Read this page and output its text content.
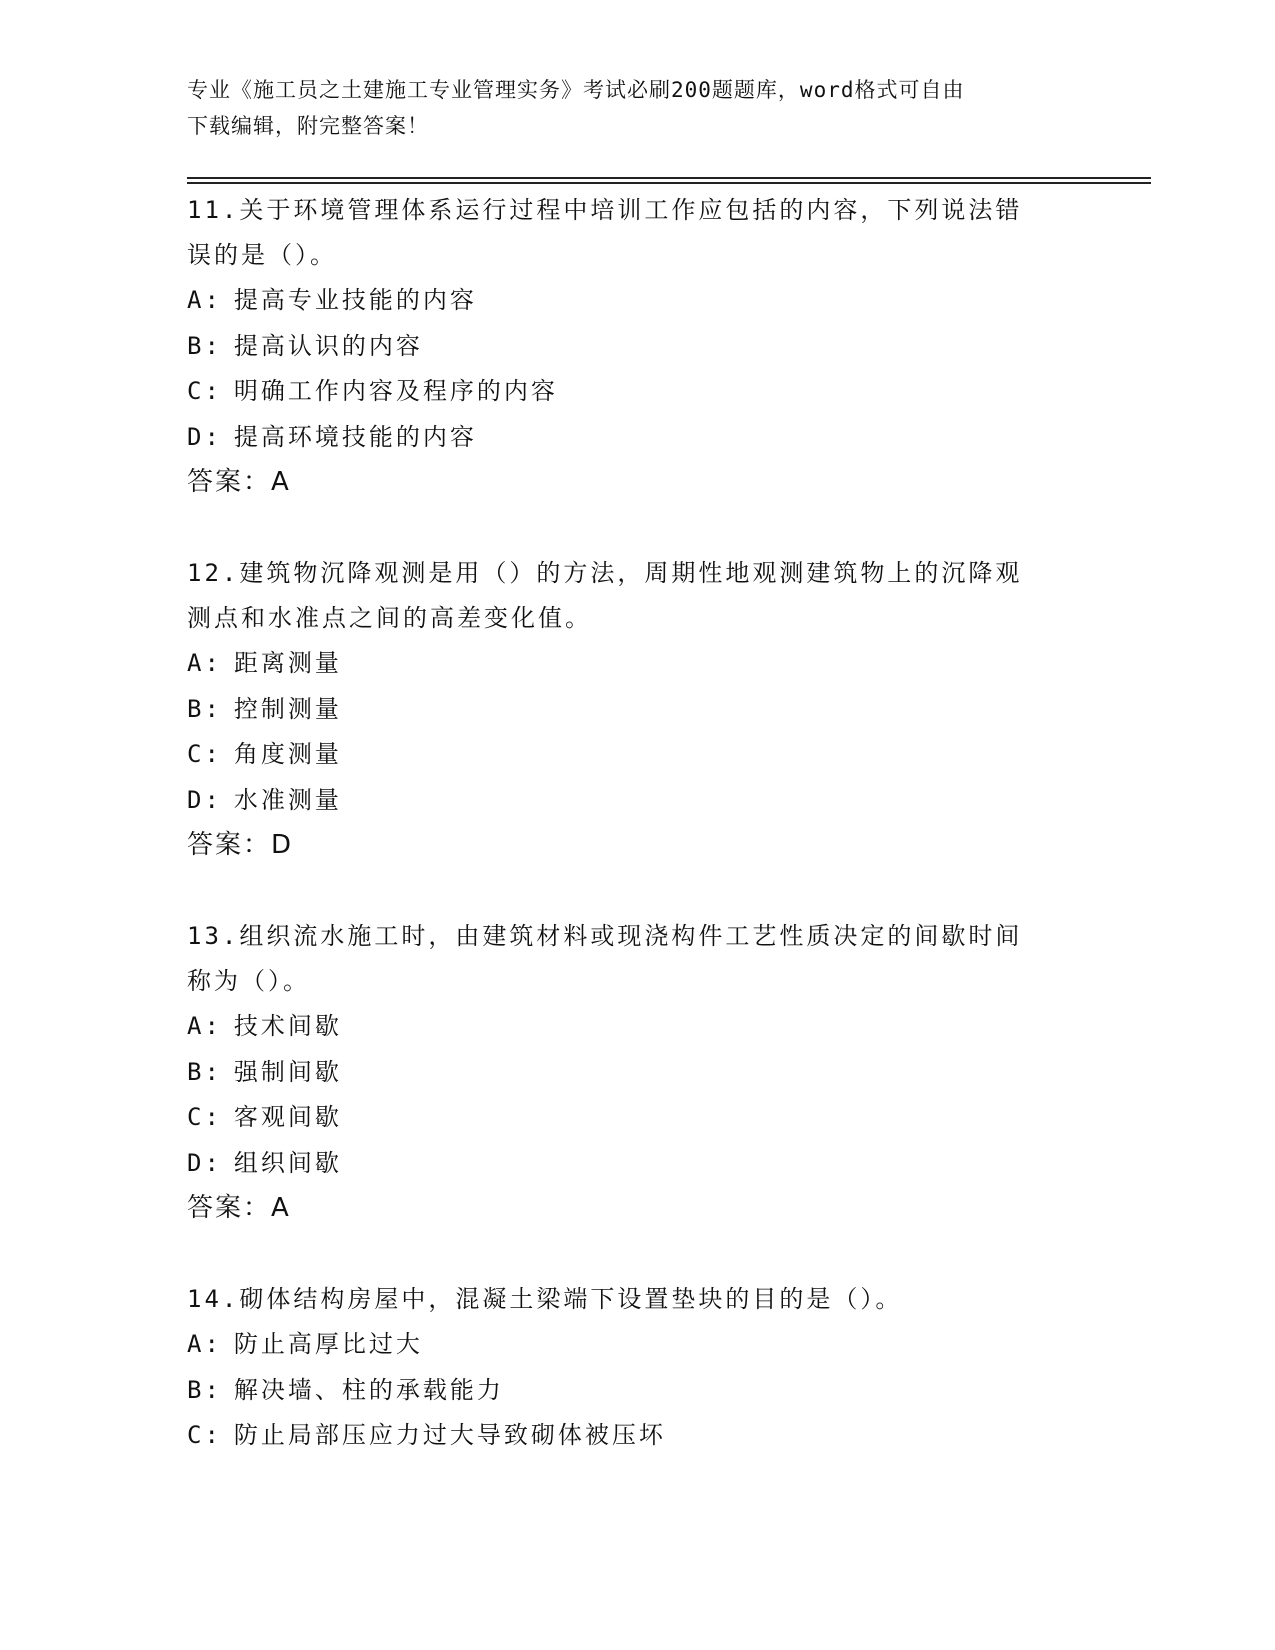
专业《施工员之土建施工专业管理实务》考试必刷200题题库，word格式可自由
下载编辑，附完整答案！

11.关于环境管理体系运行过程中培训工作应包括的内容，下列说法错

误的是（）。

A: 提高专业技能的内容

B: 提高认识的内容

C: 明确工作内容及程序的内容

D: 提高环境技能的内容

答案：A

12.建筑物沉降观测是用（）的方法，周期性地观测建筑物上的沉降观

测点和水准点之间的高差变化值。

A: 距离测量

B: 控制测量

C: 角度测量

D: 水准测量

答案：D

13.组织流水施工时，由建筑材料或现浇构件工艺性质决定的间歇时间

称为（）。

A: 技术间歇

B: 强制间歇

C: 客观间歇

D: 组织间歇

答案：A

14.砌体结构房屋中，混凝土梁端下设置垫块的目的是（）。

A: 防止高厚比过大

B: 解决墙、柱的承载能力

C: 防止局部压应力过大导致砌体被压坏
